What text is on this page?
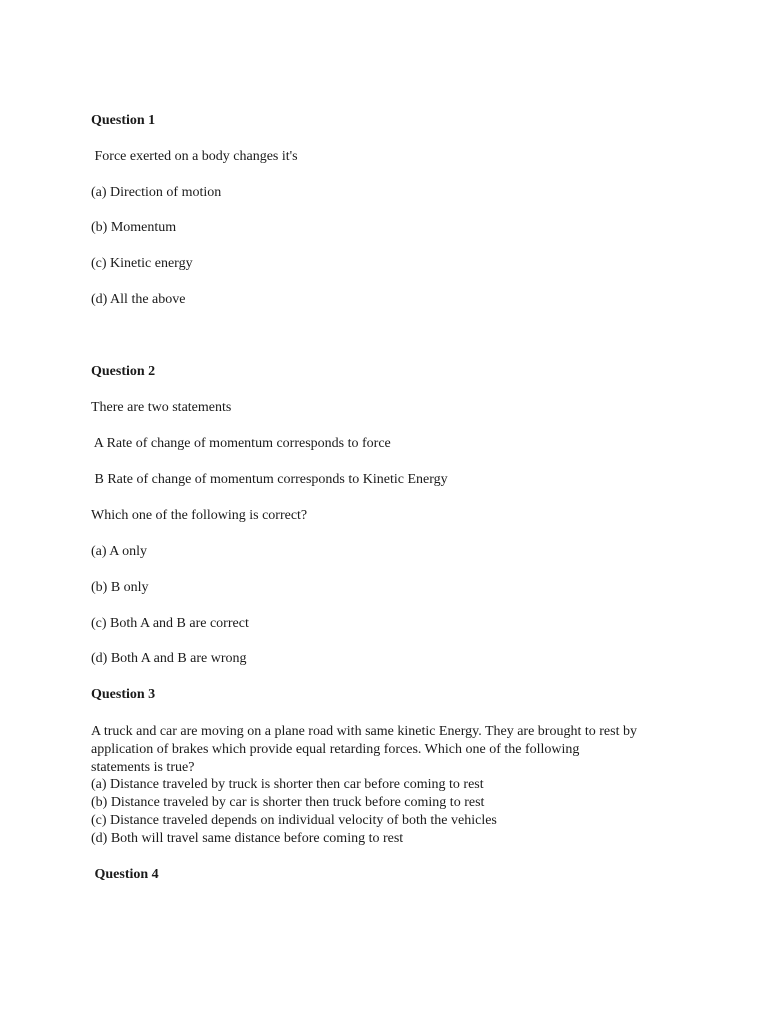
Question 1
Force exerted on a body changes it's
(a) Direction of motion
(b) Momentum
(c) Kinetic energy
(d) All the above
Question 2
There are two statements
A Rate of change of momentum corresponds to force
B Rate of change of momentum corresponds to Kinetic Energy
Which one of the following is correct?
(a) A only
(b) B only
(c) Both A and B are correct
(d) Both A and B are wrong
Question 3
A truck and car are moving on a plane road with same kinetic Energy. They are brought to rest by
application of brakes which provide equal retarding forces. Which one of the following
statements is true?
(a) Distance traveled by truck is shorter then car before coming to rest
(b) Distance traveled by car is shorter then truck before coming to rest
(c) Distance traveled depends on individual velocity of both the vehicles
(d) Both will travel same distance before coming to rest
Question 4
